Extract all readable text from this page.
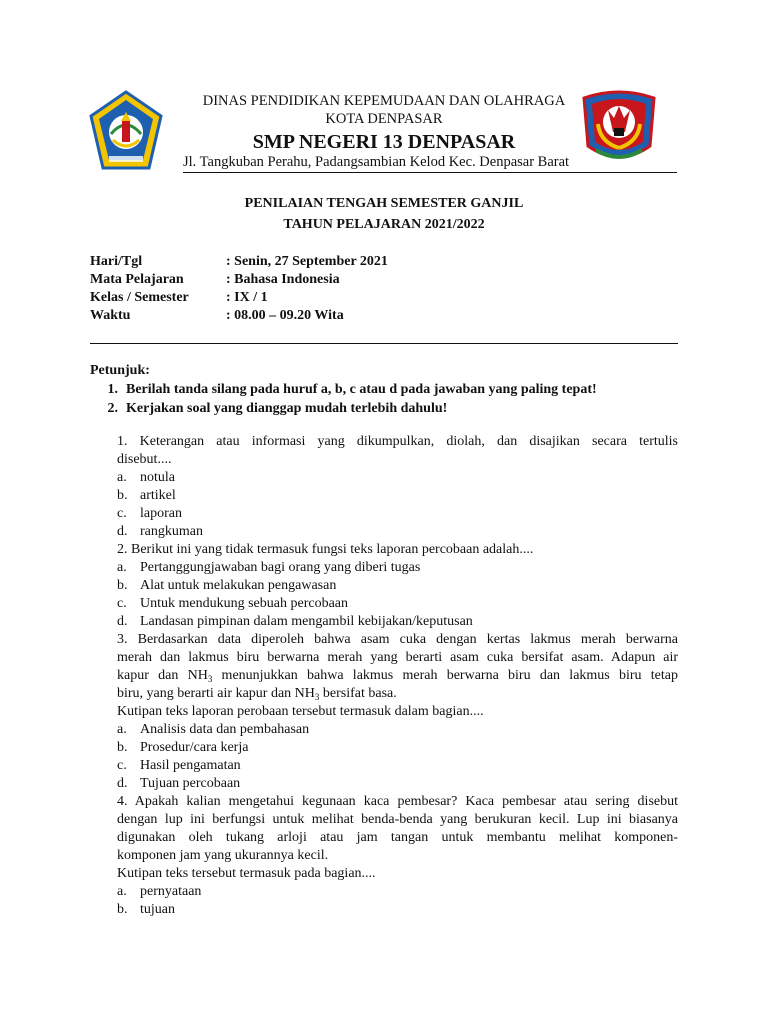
DINAS PENDIDIKAN KEPEMUDAAN DAN OLAHRAGA
KOTA DENPASAR
SMP NEGERI 13 DENPASAR
Jl. Tangkuban Perahu, Padangsambian Kelod Kec. Denpasar Barat
PENILAIAN TENGAH SEMESTER GANJIL
TAHUN PELAJARAN 2021/2022
Hari/Tgl	: Senin, 27 September 2021
Mata Pelajaran	: Bahasa Indonesia
Kelas / Semester	: IX / 1
Waktu	: 08.00 – 09.20 Wita
Petunjuk:
1. Berilah tanda silang pada huruf a, b, c atau d pada jawaban yang paling tepat!
2. Kerjakan soal yang dianggap mudah terlebih dahulu!
1. Keterangan atau informasi yang dikumpulkan, diolah, dan disajikan secara tertulis
disebut....
a. notula
b. artikel
c. laporan
d. rangkuman
2. Berikut ini yang tidak termasuk fungsi teks laporan percobaan adalah....
a. Pertanggungjawaban bagi orang yang diberi tugas
b. Alat untuk melakukan pengawasan
c. Untuk mendukung sebuah percobaan
d. Landasan pimpinan dalam mengambil kebijakan/keputusan
3. Berdasarkan data diperoleh bahwa asam cuka dengan kertas lakmus merah berwarna
merah dan lakmus biru berwarna merah yang berarti asam cuka bersifat asam. Adapun air
kapur dan $NH_3$ menunjukkan bahwa lakmus merah berwarna biru dan lakmus biru tetap
biru, yang berarti air kapur dan $NH_3$ bersifat basa.
Kutipan teks laporan perobaan tersebut termasuk dalam bagian....
a. Analisis data dan pembahasan
b. Prosedur/cara kerja
c. Hasil pengamatan
d. Tujuan percobaan
4. Apakah kalian mengetahui kegunaan kaca pembesar? Kaca pembesar atau sering disebut
dengan lup ini berfungsi untuk melihat benda-benda yang berukuran kecil. Lup ini biasanya
digunakan oleh tukang arloji atau jam tangan untuk membantu melihat komponen-
komponen jam yang ukurannya kecil.
Kutipan teks tersebut termasuk pada bagian....
a. pernyataan
b. tujuan
